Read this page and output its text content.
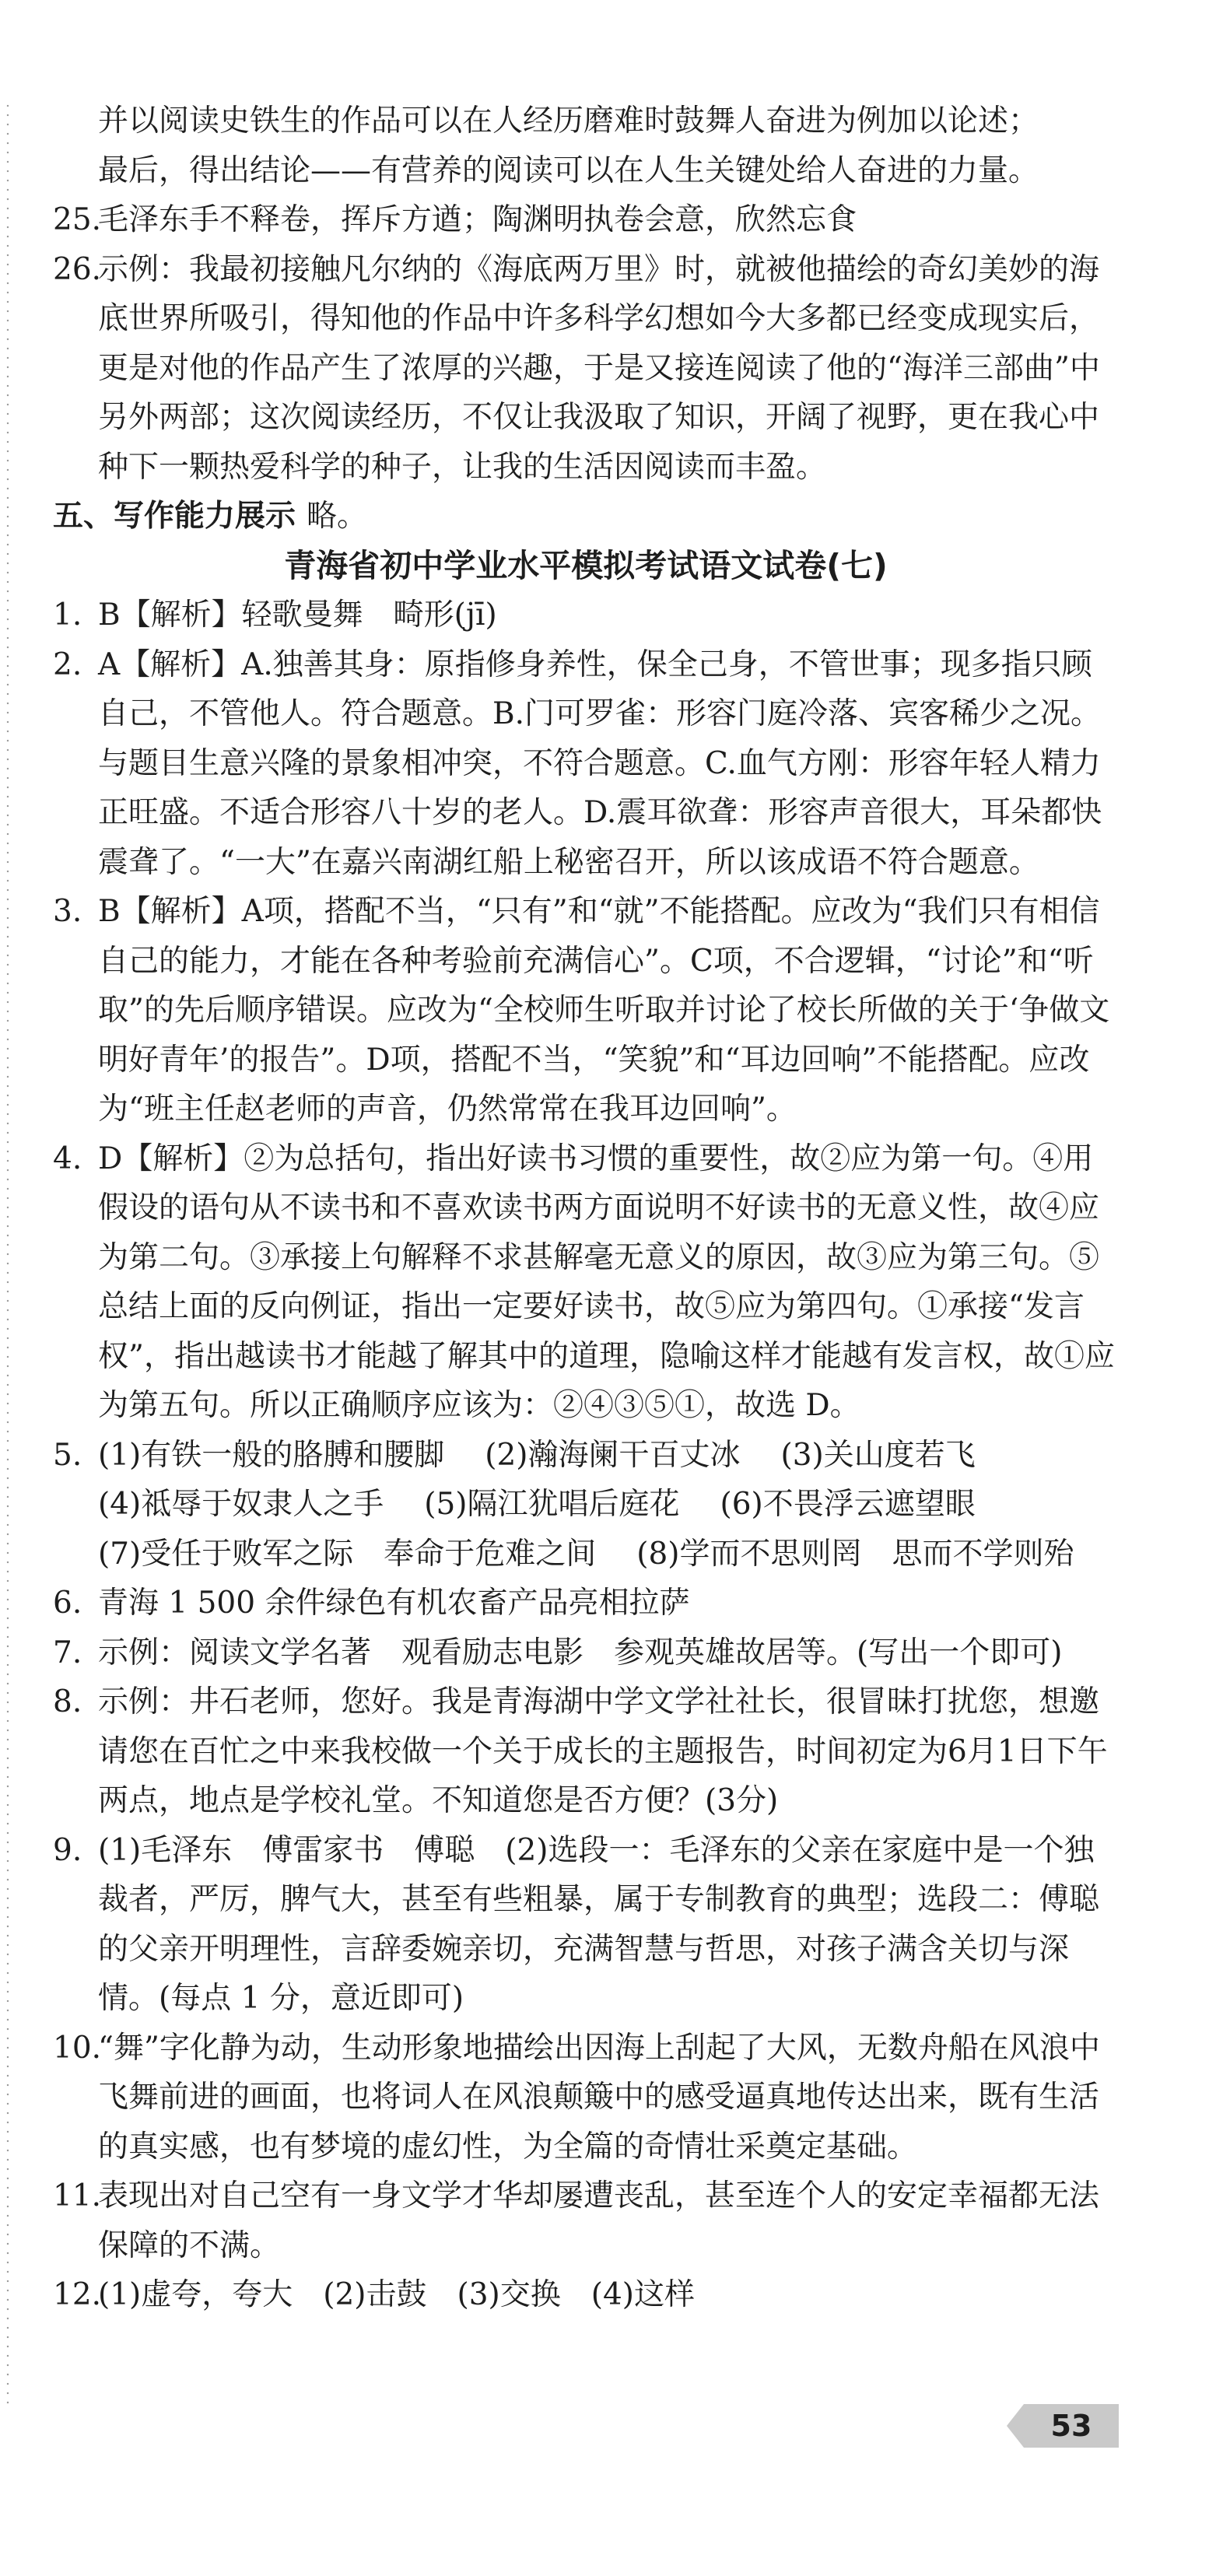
并以阅读史铁生的作品可以在人经历磨难时鼓舞人奋进为例加以论述；

最后，得出结论——有营养的阅读可以在人生关键处给人奋进的力量。

25.
毛泽东手不释卷，挥斥方遒；陶渊明执卷会意，欣然忘食
26.
示例：我最初接触凡尔纳的《海底两万里》时，就被他描绘的奇幻美妙的海底世界所吸引，得知他的作品中许多科学幻想如今大多都已经变成现实后，更是对他的作品产生了浓厚的兴趣，于是又接连阅读了他的“海洋三部曲”中另外两部；这次阅读经历，不仅让我汲取了知识，开阔了视野，更在我心中种下一颗热爱科学的种子，让我的生活因阅读而丰盈。

五、写作能力展示 略。

青海省初中学业水平模拟考试语文试卷(七)
1. B【解析】轻歌曼舞　畸形(jī)
2. A【解析】A.独善其身：原指修身养性，保全己身，不管世事；现多指只顾自己，不管他人。符合题意。B.门可罗雀：形容门庭冷落、宾客稀少之况。与题目生意兴隆的景象相冲突，不符合题意。C.血气方刚：形容年轻人精力正旺盛。不适合形容八十岁的老人。D.震耳欲聋：形容声音很大，耳朵都快震聋了。“一大”在嘉兴南湖红船上秘密召开，所以该成语不符合题意。
3. B【解析】A项，搭配不当，“只有”和“就”不能搭配。应改为“我们只有相信自己的能力，才能在各种考验前充满信心”。C项，不合逻辑，“讨论”和“听取”的先后顺序错误。应改为“全校师生听取并讨论了校长所做的关于‘争做文明好青年’的报告”。D项，搭配不当，“笑貌”和“耳边回响”不能搭配。应改为“班主任赵老师的声音，仍然常常在我耳边回响”。
4. D【解析】②为总括句，指出好读书习惯的重要性，故②应为第一句。④用假设的语句从不读书和不喜欢读书两方面说明不好读书的无意义性，故④应为第二句。③承接上句解释不求甚解毫无意义的原因，故③应为第三句。⑤总结上面的反向例证，指出一定要好读书，故⑤应为第四句。①承接“发言权”，指出越读书才能越了解其中的道理，隐喻这样才能越有发言权，故①应为第五句。所以正确顺序应该为：②④③⑤①，故选 D。
5. (1)有铁一般的胳膊和腰脚 (2)瀚海阑干百丈冰 (3)关山度若飞

(4)祗辱于奴隶人之手 (5)隔江犹唱后庭花 (6)不畏浮云遮望眼

(7)受任于败军之际　奉命于危难之间 (8)学而不思则罔　思而不学则殆

6. 青海 1 500 余件绿色有机农畜产品亮相拉萨
7. 示例：阅读文学名著　观看励志电影　参观英雄故居等。(写出一个即可)
8. 示例：井石老师，您好。我是青海湖中学文学社社长，很冒昧打扰您，想邀请您在百忙之中来我校做一个关于成长的主题报告，时间初定为6月1日下午两点，地点是学校礼堂。不知道您是否方便？(3分)
9. (1)毛泽东　傅雷家书　傅聪　(2)选段一：毛泽东的父亲在家庭中是一个独裁者，严厉，脾气大，甚至有些粗暴，属于专制教育的典型；选段二：傅聪的父亲开明理性，言辞委婉亲切，充满智慧与哲思，对孩子满含关切与深情。(每点 1 分，意近即可)
10.
“舞”字化静为动，生动形象地描绘出因海上刮起了大风，无数舟船在风浪中飞舞前进的画面，也将词人在风浪颠簸中的感受逼真地传达出来，既有生活的真实感，也有梦境的虚幻性，为全篇的奇情壮采奠定基础。
11.
表现出对自己空有一身文学才华却屡遭丧乱，甚至连个人的安定幸福都无法保障的不满。
12.
(1)虚夸，夸大　(2)击鼓　(3)交换　(4)这样
53
